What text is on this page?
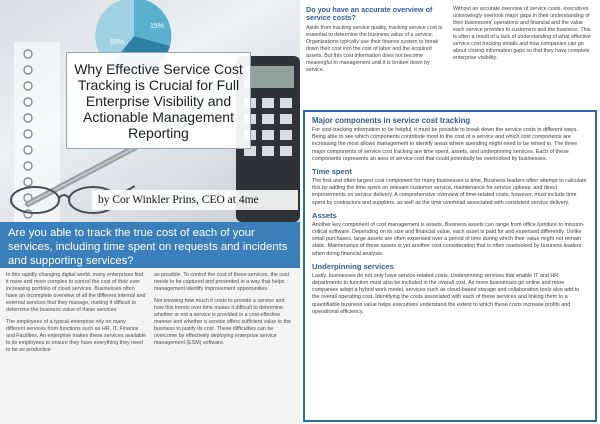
15%
65%
Why Effective Service Cost Tracking is Crucial for Full Enterprise Visibility and Actionable Management Reporting
by Cor Winkler Prins, CEO at 4me
Are you able to track the true cost of each of your services, including time spent on requests and incidents and supporting services?

In this rapidly changing digital world, many enterprises find it more and more complex to control the cost of their ever increasing portfolio of cloud services. Businesses often have an incomplete overview of all the different internal and external services that they manage, making it difficult to determine the business value of these services.

The employees of a typical enterprise rely on many different services from functions such as HR, IT, Finance and Facilities. An enterprise makes these services available to its employees to ensure they have everything they need to be as productive

as possible. To control the cost of these services, the cost needs to be captured and presented in a way that helps management identify improvement opportunities.

Not knowing how much it costs to provide a service and how this trends over time makes it difficult to determine whether or not a service is provided in a cost-effective manner and whether a service offers sufficient value to the business to justify its cost. These difficulties can be overcome by effectively deploying enterprise service management (ESM) software.

Do you have an accurate overview of service costs?
Aside from tracking service quality, tracking service cost is essential to determine the business value of a service. Organizations typically use their finance system to break down their cost into the cost of labor and the acquired assets. But this cost information does not become meaningful to management until it is broken down by service.
Without an accurate overview of service costs, executives unknowingly overlook major gaps in their understanding of their businesses' operations and financial and the value each service provides to customers and the business. This is often a result of a lack of understanding of what effective service cost tracking entails and how companies can go about closing information gaps so that they have complete enterprise visibility.
Major components in service cost tracking

For cost-tracking information to be helpful, it must be possible to break down the service costs in different ways. Being able to see which components contribute most to the cost of a service and which cost components are increasing the most allows management to identify areas where spending might need to be reined in. The three major components of service cost tracking are time spent, assets, and underpinning services. Each of these components represents an area of service cost that could potentially be overlooked by businesses.

Time spent

The first and often largest cost component for many businesses is time. Business leaders often attempt to calculate this by adding the time spent on relevant customer service, maintenance for service upkeep, and direct improvements on service delivery. A comprehensive overview of time-related costs, however, must include time spent by contractors and suppliers, as well as the time overhead associated with consistent service delivery.

Assets

Another key component of cost management is assets. Business assets can range from office furniture to mission-critical software. Depending on its size and financial value, each asset is paid for and expensed differently. Unlike small purchases, large assets are often expensed over a period of time during which their value might not remain static. Maintenance of these assets is yet another cost consideration that is often overlooked by business leaders when doing financial analysis.

Underpinning services

Lastly, businesses do not only have service-related costs. Underpinning services that enable IT and HR departments to function must also be included in the overall cost. As more businesses go online and more companies adopt a hybrid work model, services such as cloud-based storage and collaboration tools also add to the overall operating cost. Identifying the costs associated with each of these services and linking them to a quantifiable business value helps executives understand the extent to which these costs increase profits and operational efficiency.
